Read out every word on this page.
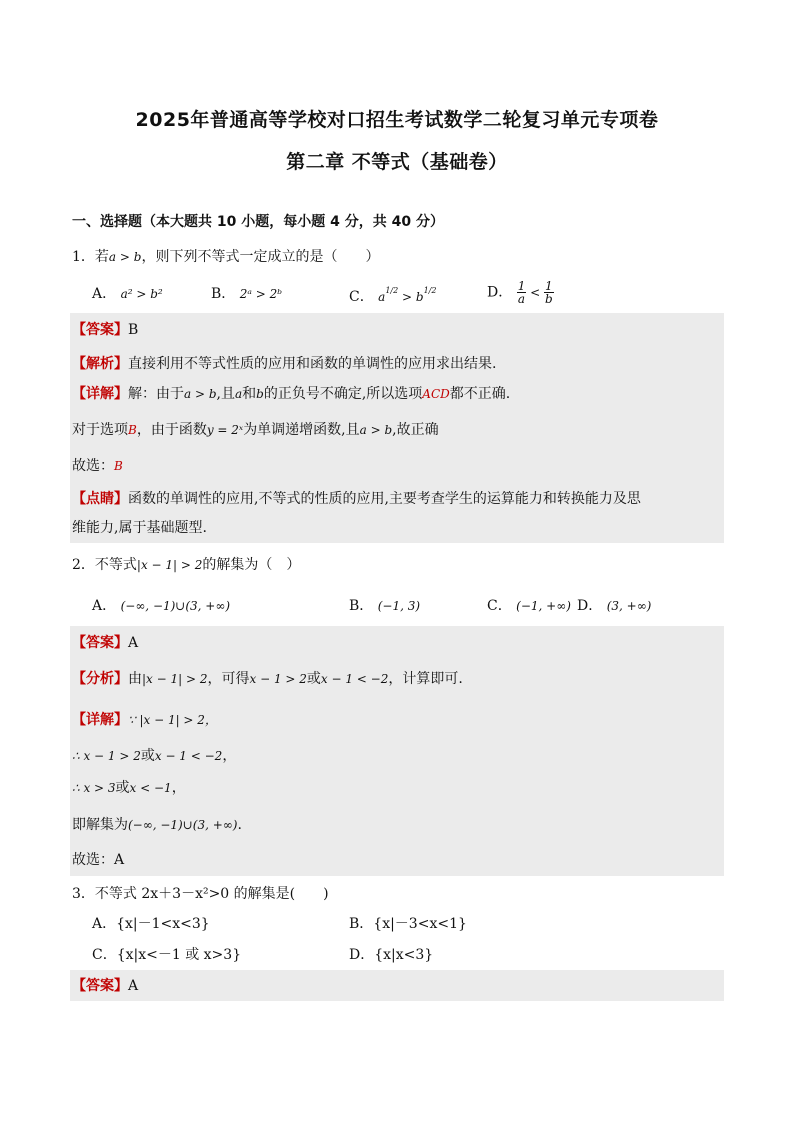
2025年普通高等学校对口招生考试数学二轮复习单元专项卷
第二章 不等式（基础卷）
一、选择题（本大题共 10 小题，每小题 4 分，共 40 分）
1．若a > b，则下列不等式一定成立的是（　　）
A． a² > b²	B． 2ᵃ > 2ᵇ	C． $a^{1/2} > b^{1/2}$	D． $\frac{1}{a} < \frac{1}{b}$
【答案】B
【解析】直接利用不等式性质的应用和函数的单调性的应用求出结果.
【详解】解：由于a > b,且a和b的正负号不确定,所以选项ACD都不正确.
对于选项B，由于函数y = 2ˣ为单调递增函数,且a > b,故正确
故选：B
【点睛】函数的单调性的应用,不等式的性质的应用,主要考查学生的运算能力和转换能力及思
维能力,属于基础题型.
2．不等式|x − 1| > 2的解集为（　）
A． (−∞, −1)∪(3, +∞)	B． (−1, 3)	C． (−1, +∞) D． (3, +∞)
【答案】A
【分析】由|x − 1| > 2，可得x − 1 > 2或x − 1 < −2，计算即可.
【详解】∵ |x − 1| > 2，
∴ x − 1 > 2或x − 1 < −2，
∴ x > 3或x < −1，
即解集为(−∞, −1)∪(3, +∞).
故选：A
3．不等式 2x＋3－x²>0 的解集是(　　)
A．{x|－1<x<3}	B．{x|－3<x<1}
C．{x|x<－1 或 x>3}	D．{x|x<3}
【答案】A
